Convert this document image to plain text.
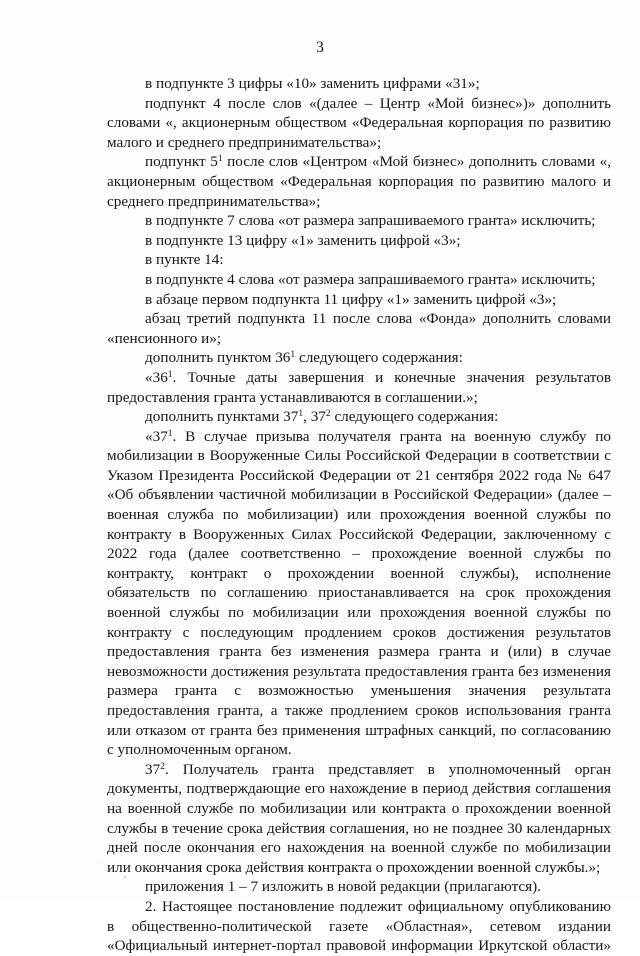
3

в подпункте 3 цифры «10» заменить цифрами «31»;

подпункт 4 после слов «(далее – Центр «Мой бизнес»)» дополнить словами «, акционерным обществом «Федеральная корпорация по развитию малого и среднего предпринимательства»;

подпункт $5^1$ после слов «Центром «Мой бизнес» дополнить словами «, акционерным обществом «Федеральная корпорация по развитию малого и среднего предпринимательства»;

в подпункте 7 слова «от размера запрашиваемого гранта» исключить;

в подпункте 13 цифру «1» заменить цифрой «3»;

в пункте 14:

в подпункте 4 слова «от размера запрашиваемого гранта» исключить;

в абзаце первом подпункта 11 цифру «1» заменить цифрой «3»;

абзац третий подпункта 11 после слова «Фонда» дополнить словами «пенсионного и»;

дополнить пунктом $36^1$ следующего содержания:

«$36^1$. Точные даты завершения и конечные значения результатов предоставления гранта устанавливаются в соглашении.»;

дополнить пунктами $37^1$, $37^2$ следующего содержания:

«$37^1$. В случае призыва получателя гранта на военную службу по мобилизации в Вооруженные Силы Российской Федерации в соответствии с Указом Президента Российской Федерации от 21 сентября 2022 года № 647 «Об объявлении частичной мобилизации в Российской Федерации» (далее – военная служба по мобилизации) или прохождения военной службы по контракту в Вооруженных Силах Российской Федерации, заключенному с 2022 года (далее соответственно – прохождение военной службы по контракту, контракт о прохождении военной службы), исполнение обязательств по соглашению приостанавливается на срок прохождения военной службы по мобилизации или прохождения военной службы по контракту с последующим продлением сроков достижения результатов предоставления гранта без изменения размера гранта и (или) в случае невозможности достижения результата предоставления гранта без изменения размера гранта с возможностью уменьшения значения результата предоставления гранта, а также продлением сроков использования гранта или отказом от гранта без применения штрафных санкций, по согласованию с уполномоченным органом.

$37^2$. Получатель гранта представляет в уполномоченный орган документы, подтверждающие его нахождение в период действия соглашения на военной службе по мобилизации или контракта о прохождении военной службы в течение срока действия соглашения, но не позднее 30 календарных дней после окончания его нахождения на военной службе по мобилизации или окончания срока действия контракта о прохождении военной службы.»;

приложения 1 – 7 изложить в новой редакции (прилагаются).

2. Настоящее постановление подлежит официальному опубликованию в общественно-политической газете «Областная», сетевом издании «Официальный интернет-портал правовой информации Иркутской области»
